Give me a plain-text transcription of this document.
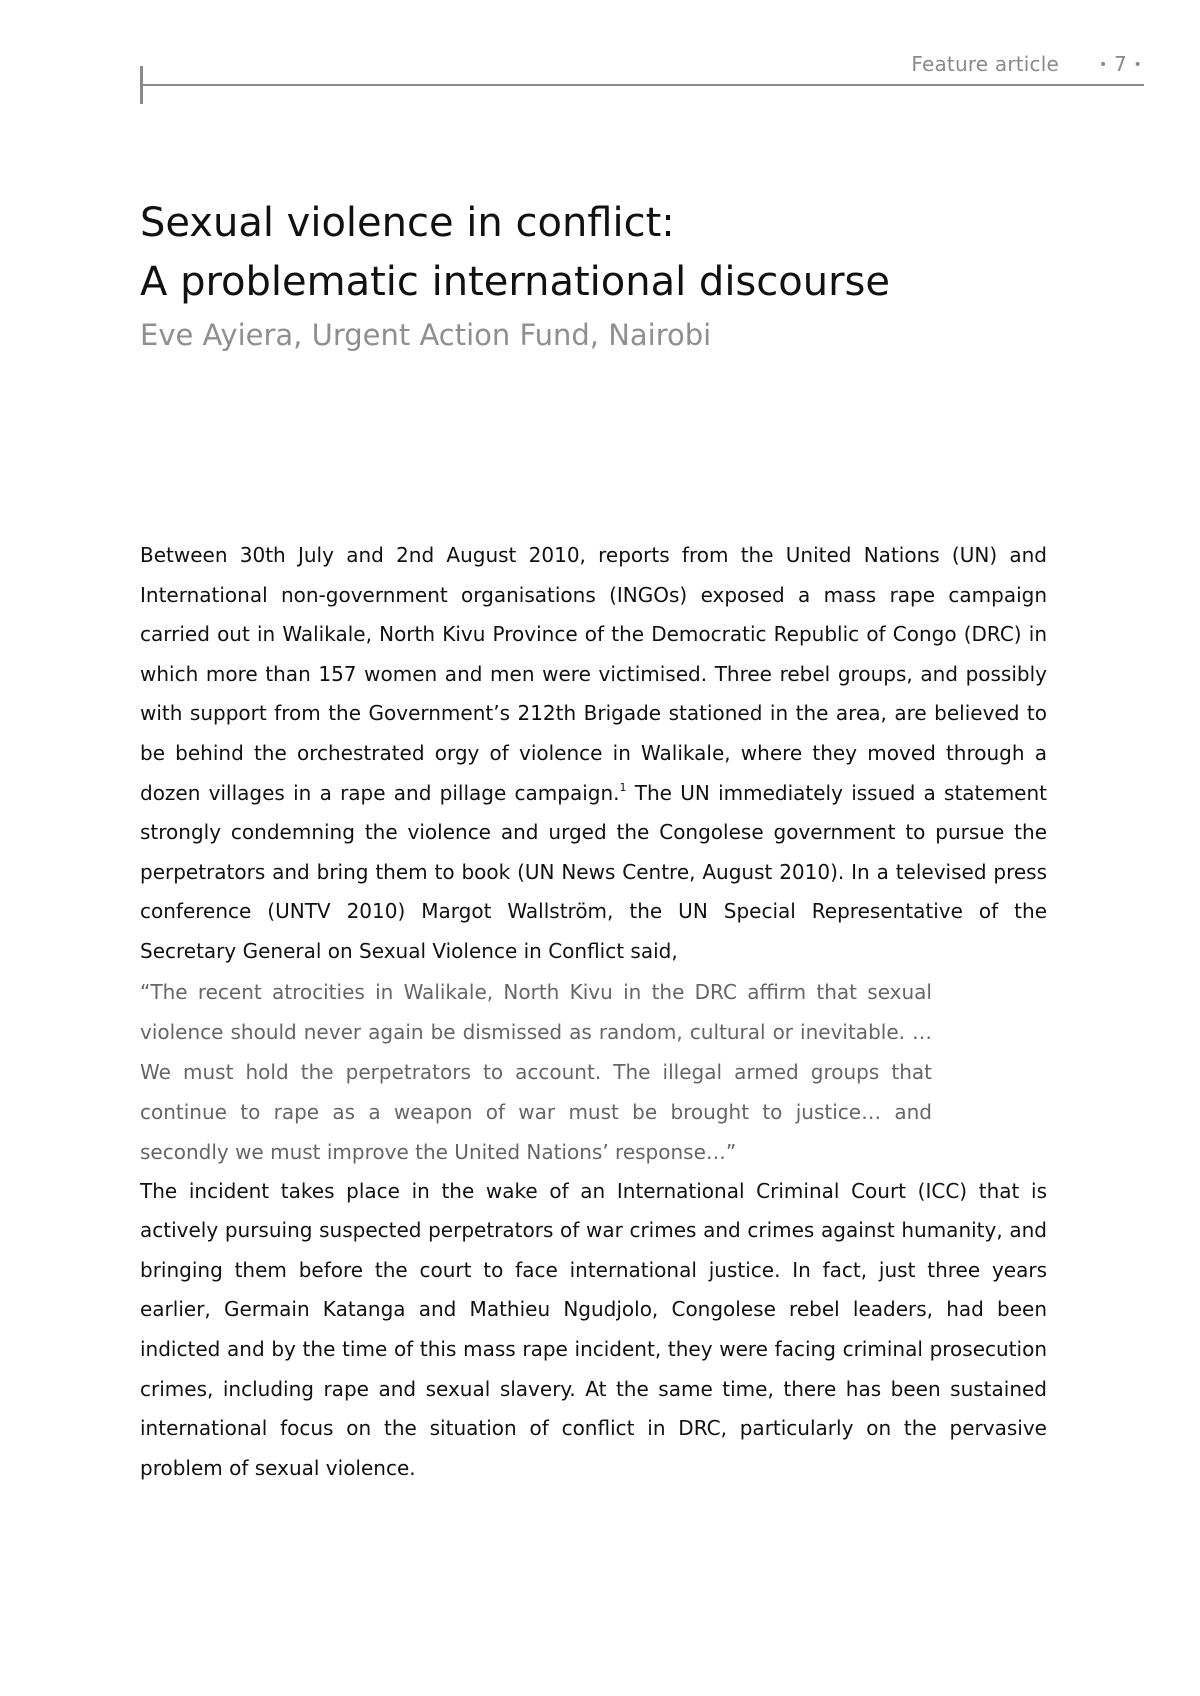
Feature article	• 7 •
Sexual violence in conflict:
A problematic international discourse
Eve Ayiera, Urgent Action Fund, Nairobi

Between 30th July and 2nd August 2010, reports from the United Nations (UN) and International non-government organisations (INGOs) exposed a mass rape campaign carried out in Walikale, North Kivu Province of the Democratic Republic of Congo (DRC) in which more than 157 women and men were victimised. Three rebel groups, and possibly with support from the Government’s 212th Brigade stationed in the area, are believed to be behind the orchestrated orgy of violence in Walikale, where they moved through a dozen villages in a rape and pillage campaign.$^1$ The UN immediately issued a statement strongly condemning the violence and urged the Congolese government to pursue the perpetrators and bring them to book (UN News Centre, August 2010). In a televised press conference (UNTV 2010) Margot Wallström, the UN Special Representative of the Secretary General on Sexual Violence in Conflict said,

“The recent atrocities in Walikale, North Kivu in the DRC affirm that sexual violence should never again be dismissed as random, cultural or inevitable. …We must hold the perpetrators to account. The illegal armed groups that continue to rape as a weapon of war must be brought to justice… and secondly we must improve the United Nations’ response…”

The incident takes place in the wake of an International Criminal Court (ICC) that is actively pursuing suspected perpetrators of war crimes and crimes against humanity, and bringing them before the court to face international justice. In fact, just three years earlier, Germain Katanga and Mathieu Ngudjolo, Congolese rebel leaders, had been indicted and by the time of this mass rape incident, they were facing criminal prosecution crimes, including rape and sexual slavery. At the same time, there has been sustained international focus on the situation of conflict in DRC, particularly on the pervasive problem of sexual violence.
